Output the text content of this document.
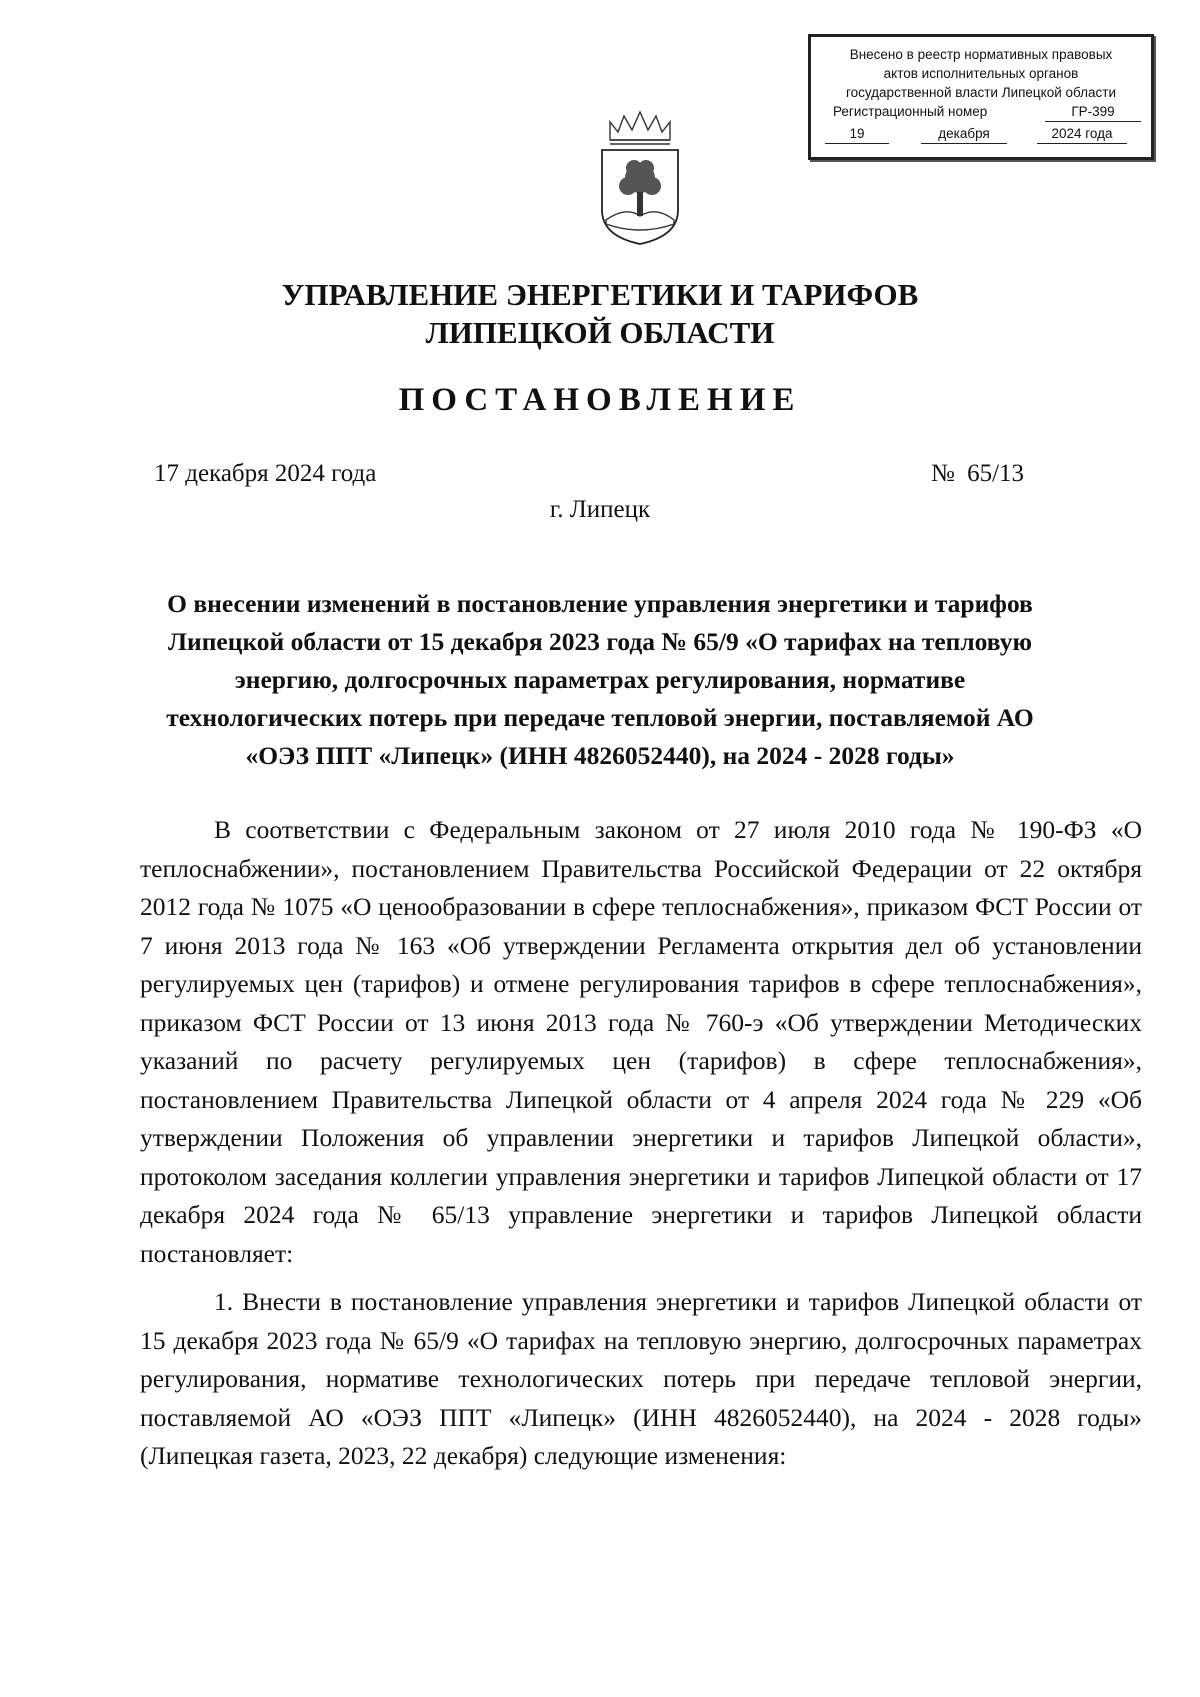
Внесено в реестр нормативных правовых
актов исполнительных органов
государственной власти Липецкой области
Регистрационный номер	ГР-399
19	декабря	2024 года
УПРАВЛЕНИЕ ЭНЕРГЕТИКИ И ТАРИФОВ
ЛИПЕЦКОЙ ОБЛАСТИ
ПОСТАНОВЛЕНИЕ
17 декабря 2024 года	№ 65/13
г. Липецк

О внесении изменений в постановление управления энергетики и тарифов Липецкой области от 15 декабря 2023 года № 65/9 «О тарифах на тепловую энергию, долгосрочных параметрах регулирования, нормативе технологических потерь при передаче тепловой энергии, поставляемой АО «ОЭЗ ППТ «Липецк» (ИНН 4826052440), на 2024 - 2028 годы»

В соответствии с Федеральным законом от 27 июля 2010 года № 190-ФЗ «О теплоснабжении», постановлением Правительства Российской Федерации от 22 октября 2012 года № 1075 «О ценообразовании в сфере теплоснабжения», приказом ФСТ России от 7 июня 2013 года № 163 «Об утверждении Регламента открытия дел об установлении регулируемых цен (тарифов) и отмене регулирования тарифов в сфере теплоснабжения», приказом ФСТ России от 13 июня 2013 года № 760-э «Об утверждении Методических указаний по расчету регулируемых цен (тарифов) в сфере теплоснабжения», постановлением Правительства Липецкой области от 4 апреля 2024 года № 229 «Об утверждении Положения об управлении энергетики и тарифов Липецкой области», протоколом заседания коллегии управления энергетики и тарифов Липецкой области от 17 декабря 2024 года № 65/13 управление энергетики и тарифов Липецкой области постановляет:

1. Внести в постановление управления энергетики и тарифов Липецкой области от 15 декабря 2023 года № 65/9 «О тарифах на тепловую энергию, долгосрочных параметрах регулирования, нормативе технологических потерь при передаче тепловой энергии, поставляемой АО «ОЭЗ ППТ «Липецк» (ИНН 4826052440), на 2024 - 2028 годы» (Липецкая газета, 2023, 22 декабря) следующие изменения:
